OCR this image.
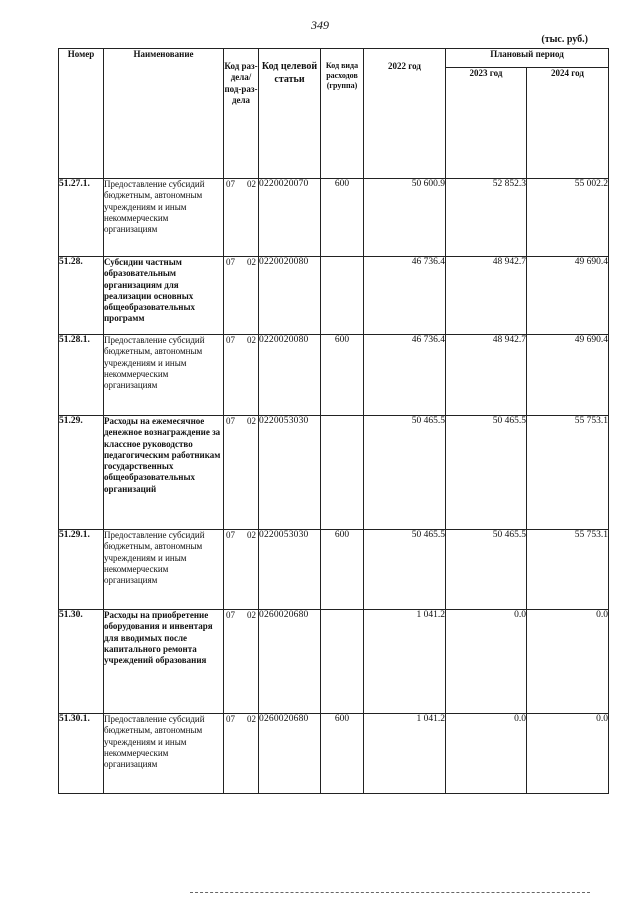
349
(тыс. руб.)
Номер	Наименование	Код раз-дела/ под-раз-дела	Код целевой статьи	Код вида расходов (группа)	2022 год	Плановый период	
						2023 год	2024 год
51.27.1.	Предоставление субсидий бюджетным, автономным учреждениям и иным некоммерческим организациям	07 02	0220020070	600	50 600.9	52 852.3	55 002.2
51.28.	Субсидии частным образовательным организациям для реализации основных общеобразовательных программ	07 02	0220020080		46 736.4	48 942.7	49 690.4
51.28.1.	Предоставление субсидий бюджетным, автономным учреждениям и иным некоммерческим организациям	07 02	0220020080	600	46 736.4	48 942.7	49 690.4
51.29.	Расходы на ежемесячное денежное вознаграждение за классное руководство педагогическим работникам государственных общеобразовательных организаций	07 02	0220053030		50 465.5	50 465.5	55 753.1
51.29.1.	Предоставление субсидий бюджетным, автономным учреждениям и иным некоммерческим организациям	07 02	0220053030	600	50 465.5	50 465.5	55 753.1
51.30.	Расходы на приобретение оборудования и инвентаря для вводимых после капитального ремонта учреждений образования	07 02	0260020680		1 041.2	0.0	0.0
51.30.1.	Предоставление субсидий бюджетным, автономным учреждениям и иным некоммерческим организациям	07 02	0260020680	600	1 041.2	0.0	0.0
